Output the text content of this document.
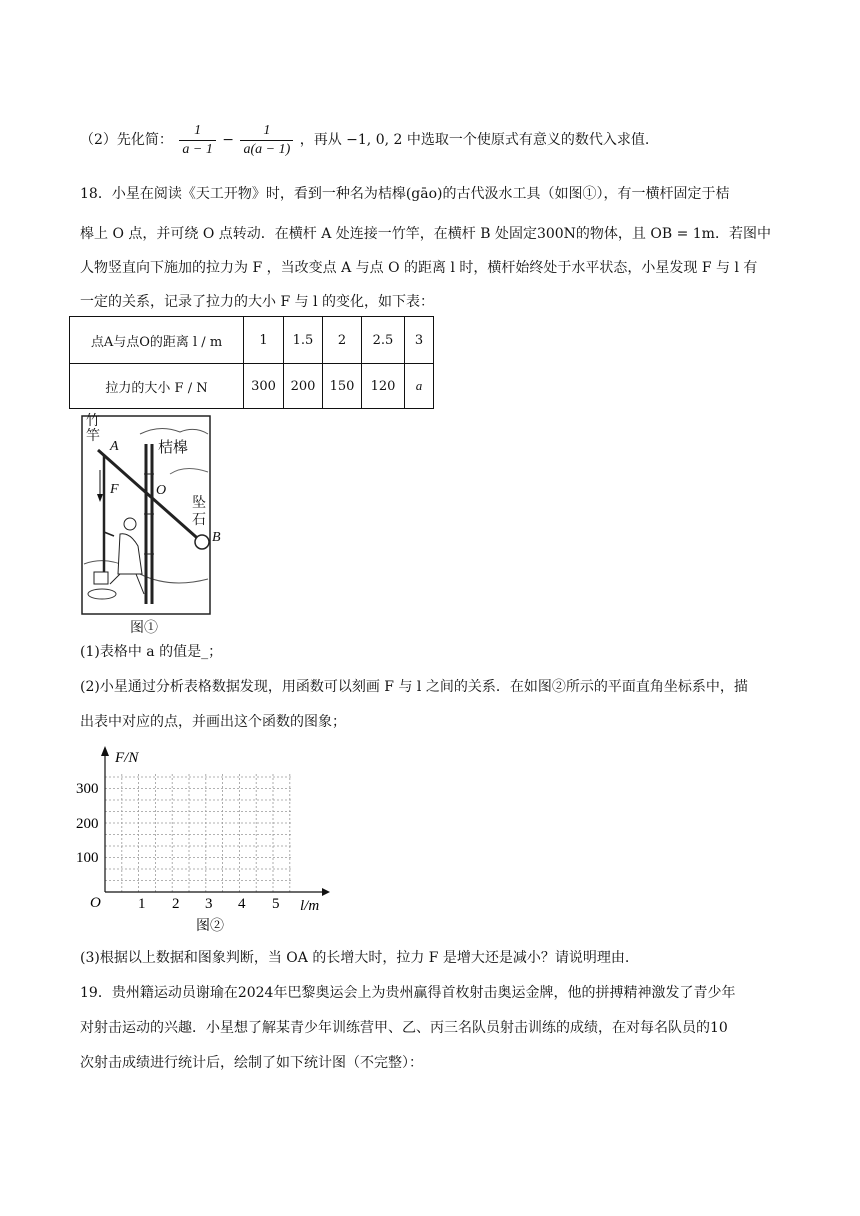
（2）先化简： $\frac{1}{a - 1} - \frac{1}{a(a - 1)}$ ，再从 −1, 0, 2 中选取一个使原式有意义的数代入求值.
18．小星在阅读《天工开物》时，看到一种名为桔槔(gāo)的古代汲水工具（如图①），有一横杆固定于桔
槔上 O 点，并可绕 O 点转动．在横杆 A 处连接一竹竿，在横杆 B 处固定300N的物体，且 OB = 1m．若图中
人物竖直向下施加的拉力为 F ，当改变点 A 与点 O 的距离 l 时，横杆始终处于水平状态，小星发现 F 与 l 有
一定的关系，记录了拉力的大小 F 与 l 的变化，如下表：
点A与点O的距离 l / m	1	1.5	2	2.5	3
拉力的大小 F / N	300	200	150	120	a
竹竿
A
F	O
桔槔
坠石
B
图①
(1)表格中 a 的值是_；
(2)小星通过分析表格数据发现，用函数可以刻画 F 与 l 之间的关系．在如图②所示的平面直角坐标系中，描
出表中对应的点，并画出这个函数的图象；
O
F/N
l/m
100
200
300
1 2 3 4 5
图②
(3)根据以上数据和图象判断，当 OA 的长增大时，拉力 F 是增大还是减小？请说明理由.
19．贵州籍运动员谢瑜在2024年巴黎奥运会上为贵州赢得首枚射击奥运金牌，他的拼搏精神激发了青少年
对射击运动的兴趣．小星想了解某青少年训练营甲、乙、丙三名队员射击训练的成绩，在对每名队员的10
次射击成绩进行统计后，绘制了如下统计图（不完整）：
